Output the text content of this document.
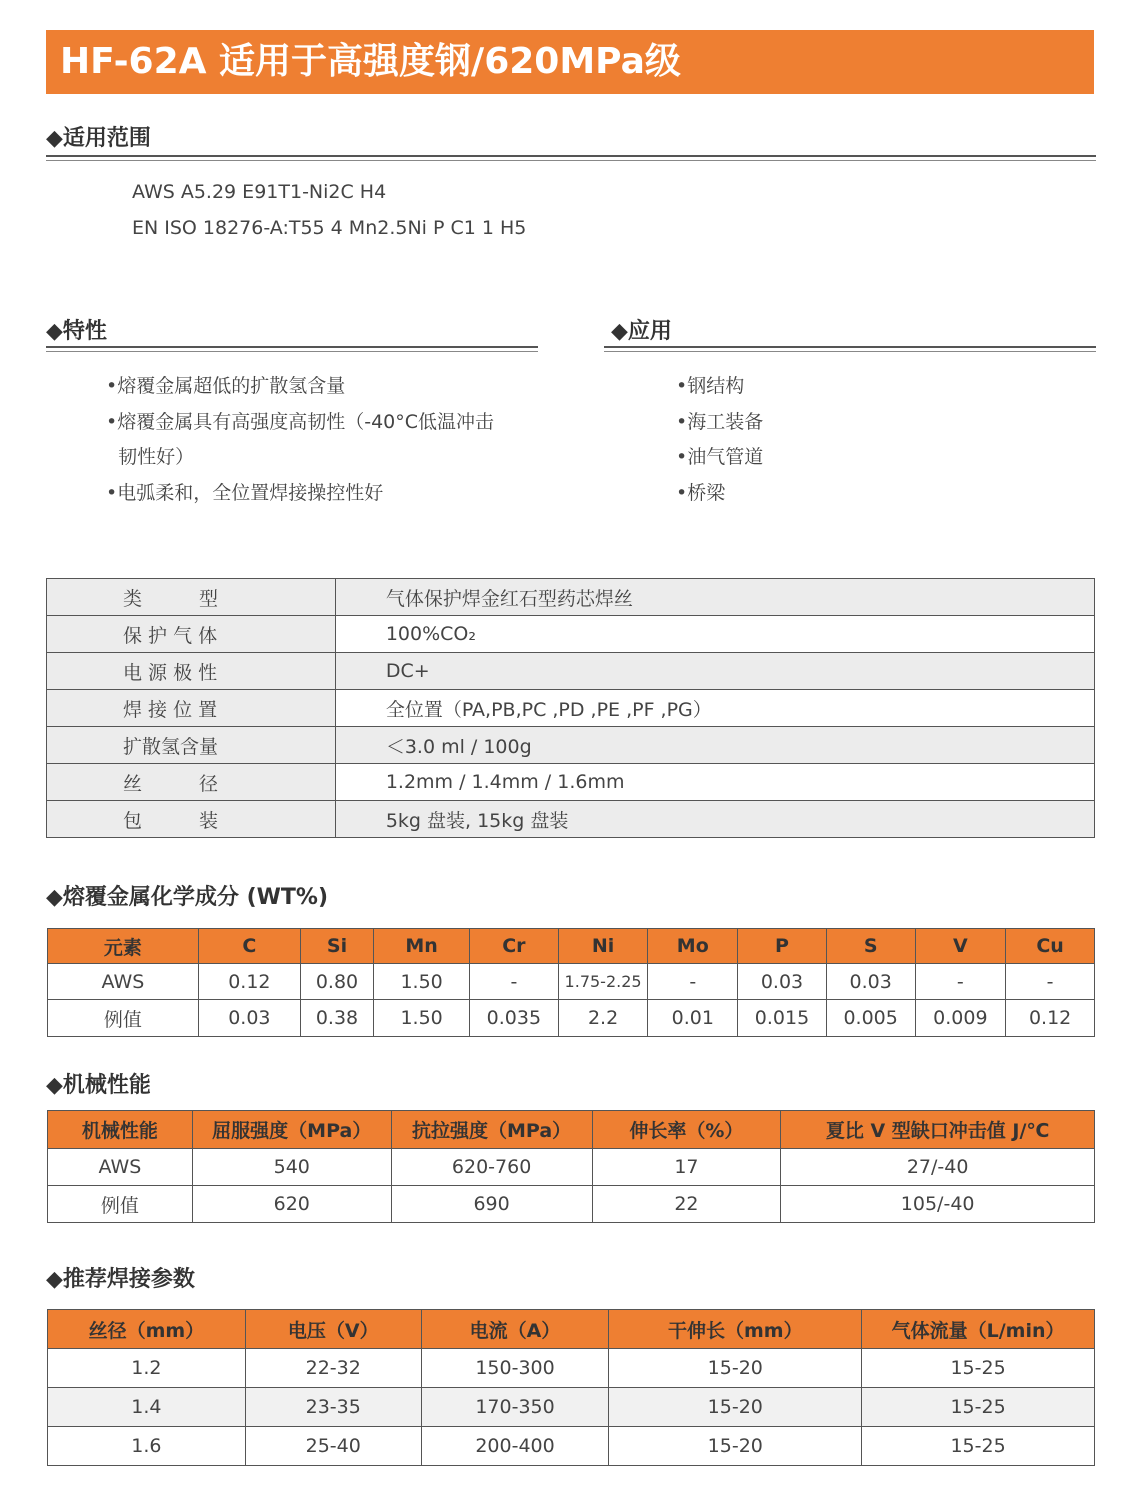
HF-62A 适用于高强度钢/620MPa级
◆适用范围
AWS A5.29 E91T1-Ni2C H4
EN ISO 18276-A:T55 4 Mn2.5Ni P C1 1 H5
◆特性
•熔覆金属超低的扩散氢含量
•熔覆金属具有高强度高韧性（-40°C低温冲击
韧性好）
•电弧柔和，全位置焊接操控性好
◆应用
•钢结构
•海工装备
•油气管道
•桥梁
类　　　型	气体保护焊金红石型药芯焊丝
保 护 气 体	100%CO₂
电 源 极 性	DC+
焊 接 位 置	全位置（PA,PB,PC ,PD ,PE ,PF ,PG）
扩散氢含量	＜3.0 ml / 100g
丝　　　径	1.2mm / 1.4mm / 1.6mm
包　　　装	5kg 盘装, 15kg 盘装
◆熔覆金属化学成分 (WT%)
元素	C	Si	Mn	Cr	Ni	Mo	P	S	V	Cu
AWS	0.12	0.80	1.50	-	1.75-2.25	-	0.03	0.03	-	-
例值	0.03	0.38	1.50	0.035	2.2	0.01	0.015	0.005	0.009	0.12
◆机械性能
机械性能	屈服强度（MPa）	抗拉强度（MPa）	伸长率（%）	夏比 V 型缺口冲击值 J/℃
AWS	540	620-760	17	27/-40
例值	620	690	22	105/-40
◆推荐焊接参数
丝径（mm）	电压（V）	电流（A）	干伸长（mm）	气体流量（L/min）
1.2	22-32	150-300	15-20	15-25
1.4	23-35	170-350	15-20	15-25
1.6	25-40	200-400	15-20	15-25
